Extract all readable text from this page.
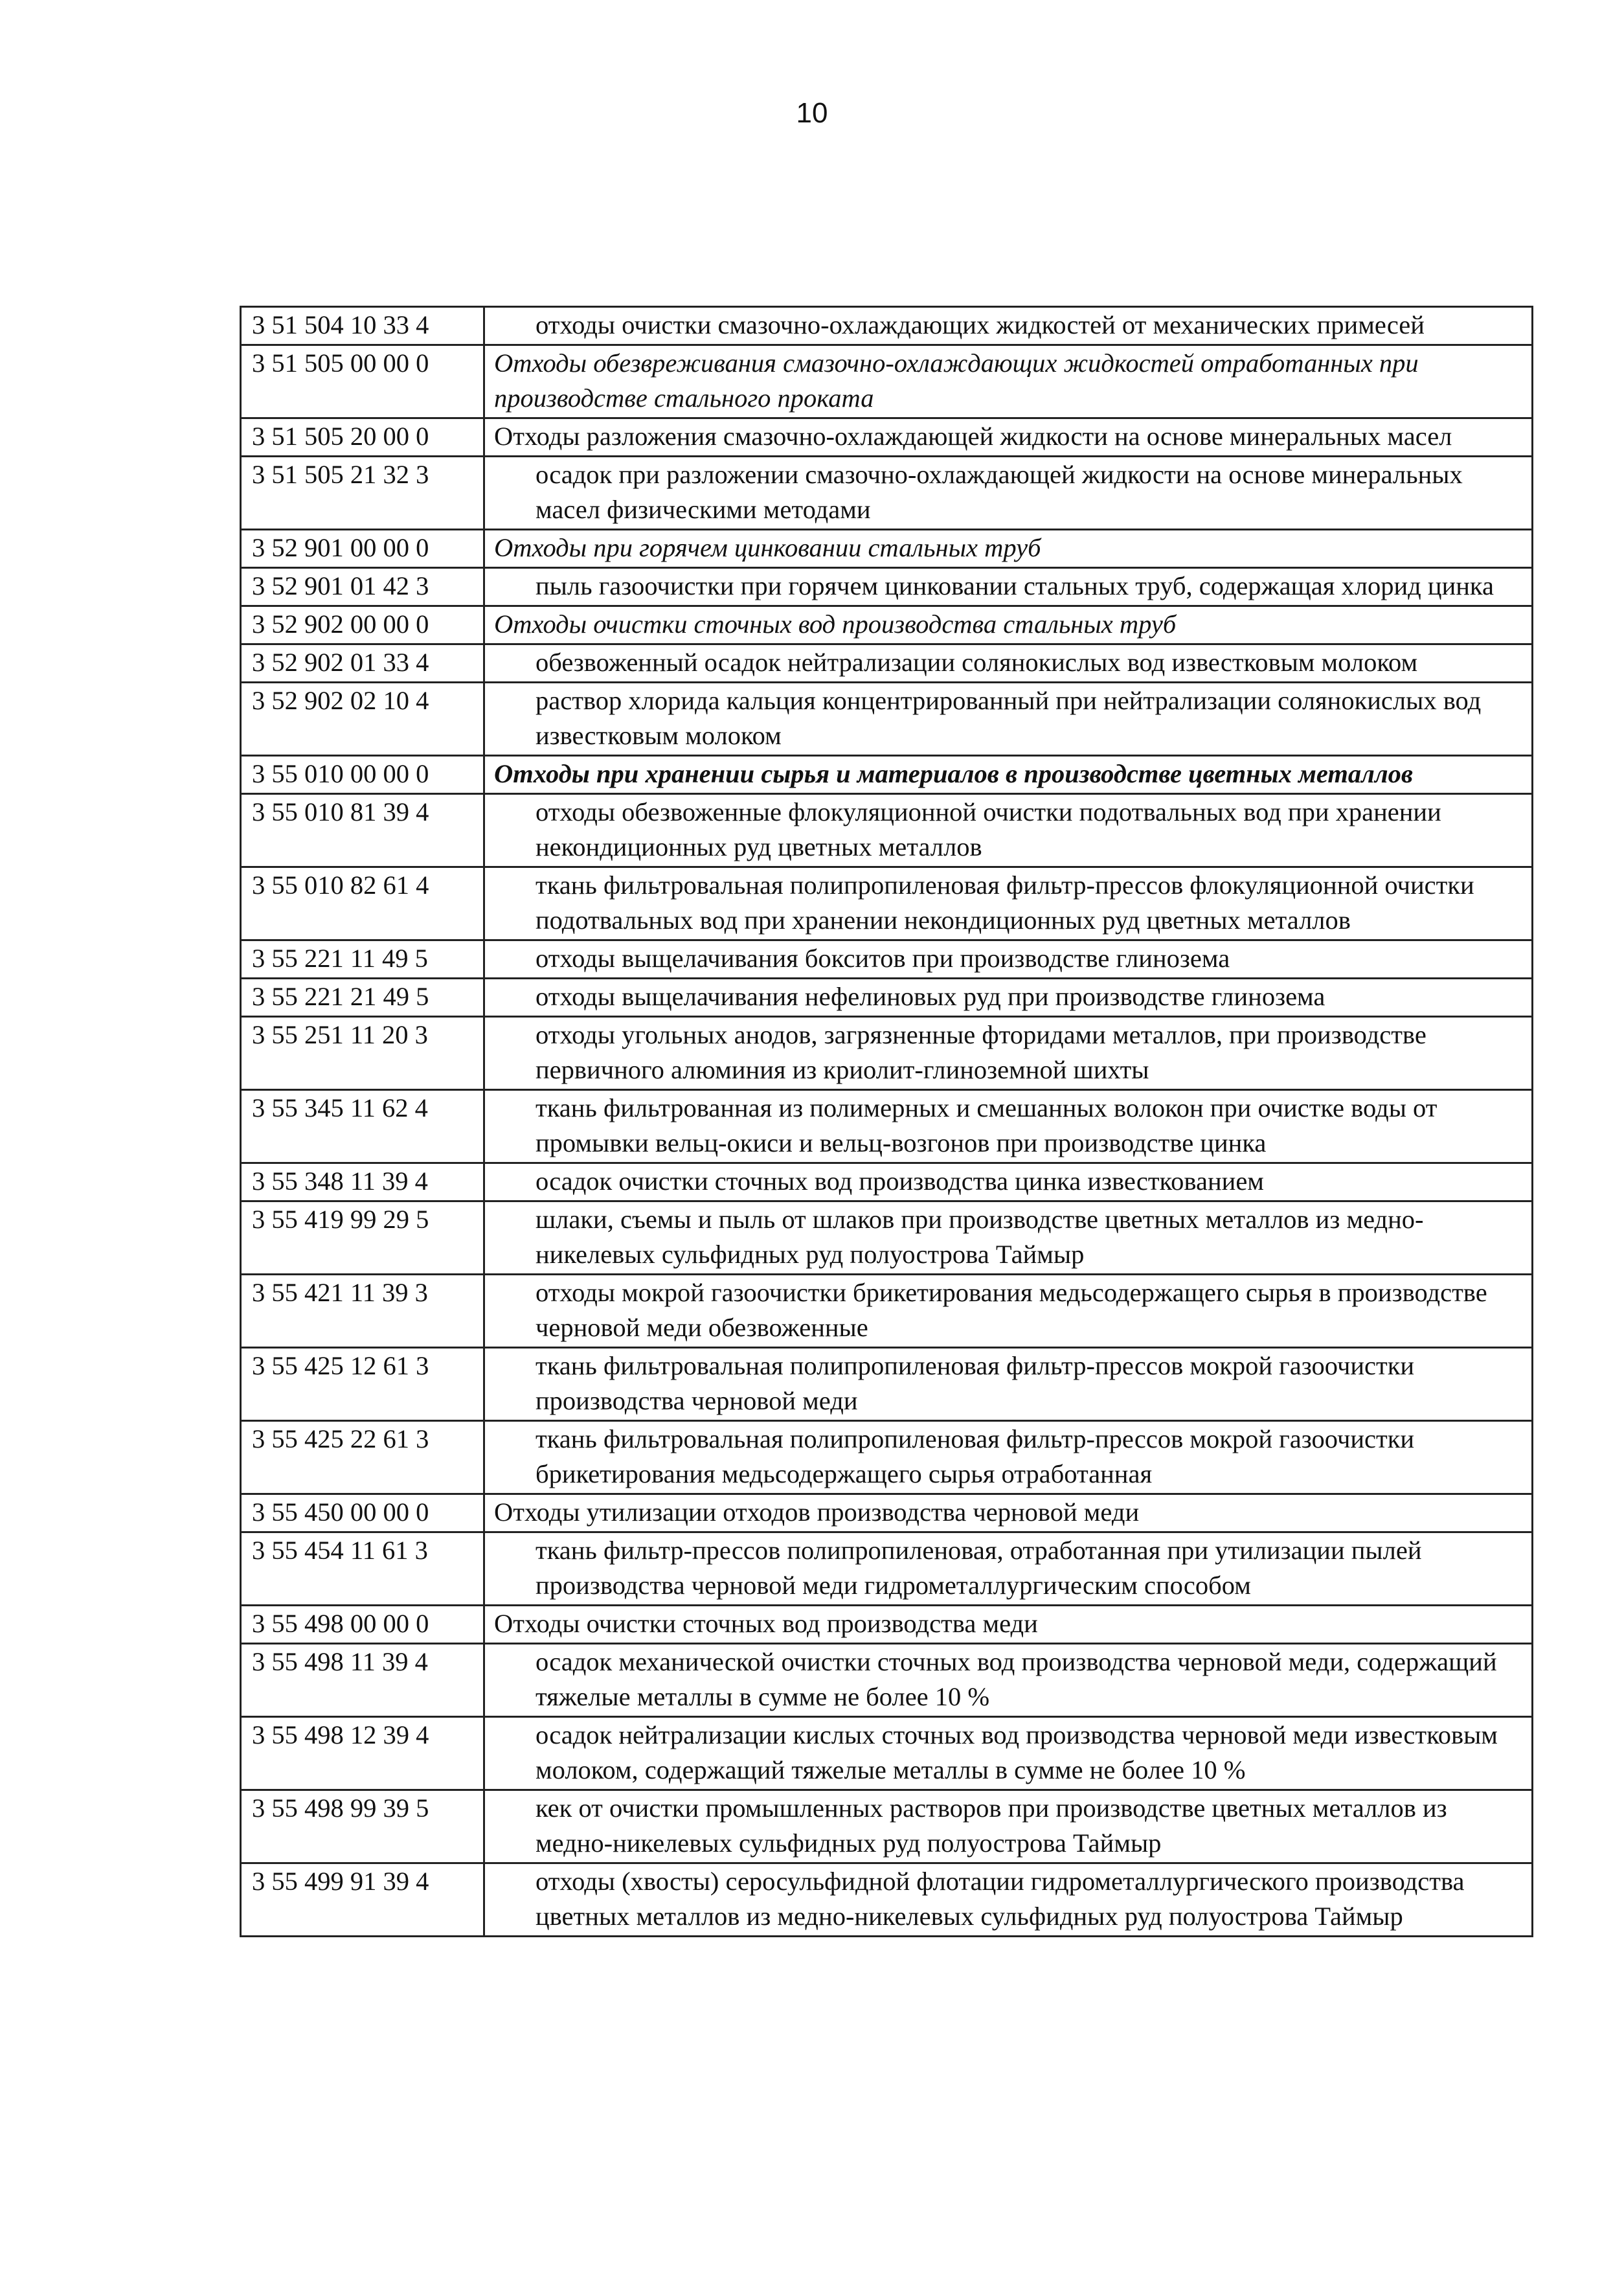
10
3 51 504 10 33 4	отходы очистки смазочно-охлаждающих жидкостей от механических примесей
3 51 505 00 00 0	Отходы обезвреживания смазочно-охлаждающих жидкостей отработанных при производстве стального проката
3 51 505 20 00 0	Отходы разложения смазочно-охлаждающей жидкости на основе минеральных масел
3 51 505 21 32 3	осадок при разложении смазочно-охлаждающей жидкости на основе минеральных масел физическими методами
3 52 901 00 00 0	Отходы при горячем цинковании стальных труб
3 52 901 01 42 3	пыль газоочистки при горячем цинковании стальных труб, содержащая хлорид цинка
3 52 902 00 00 0	Отходы очистки сточных вод производства стальных труб
3 52 902 01 33 4	обезвоженный осадок нейтрализации солянокислых вод известковым молоком
3 52 902 02 10 4	раствор хлорида кальция концентрированный при нейтрализации солянокислых вод известковым молоком
3 55 010 00 00 0	Отходы при хранении сырья и материалов в производстве цветных металлов
3 55 010 81 39 4	отходы обезвоженные флокуляционной очистки подотвальных вод при хранении некондиционных руд цветных металлов
3 55 010 82 61 4	ткань фильтровальная полипропиленовая фильтр-прессов флокуляционной очистки подотвальных вод при хранении некондиционных руд цветных металлов
3 55 221 11 49 5	отходы выщелачивания бокситов при производстве глинозема
3 55 221 21 49 5	отходы выщелачивания нефелиновых руд при производстве глинозема
3 55 251 11 20 3	отходы угольных анодов, загрязненные фторидами металлов, при производстве первичного алюминия из криолит-глиноземной шихты
3 55 345 11 62 4	ткань фильтрованная из полимерных и смешанных волокон при очистке воды от промывки вельц-окиси и вельц-возгонов при производстве цинка
3 55 348 11 39 4	осадок очистки сточных вод производства цинка известкованием
3 55 419 99 29 5	шлаки, съемы и пыль от шлаков при производстве цветных металлов из медно-никелевых сульфидных руд полуострова Таймыр
3 55 421 11 39 3	отходы мокрой газоочистки брикетирования медьсодержащего сырья в производстве черновой меди обезвоженные
3 55 425 12 61 3	ткань фильтровальная полипропиленовая фильтр-прессов мокрой газоочистки производства черновой меди
3 55 425 22 61 3	ткань фильтровальная полипропиленовая фильтр-прессов мокрой газоочистки брикетирования медьсодержащего сырья отработанная
3 55 450 00 00 0	Отходы утилизации отходов производства черновой меди
3 55 454 11 61 3	ткань фильтр-прессов полипропиленовая, отработанная при утилизации пылей производства черновой меди гидрометаллургическим способом
3 55 498 00 00 0	Отходы очистки сточных вод производства меди
3 55 498 11 39 4	осадок механической очистки сточных вод производства черновой меди, содержащий тяжелые металлы в сумме не более 10 %
3 55 498 12 39 4	осадок нейтрализации кислых сточных вод производства черновой меди известковым молоком, содержащий тяжелые металлы в сумме не более 10 %
3 55 498 99 39 5	кек от очистки промышленных растворов при производстве цветных металлов из медно-никелевых сульфидных руд полуострова Таймыр
3 55 499 91 39 4	отходы (хвосты) серосульфидной флотации гидрометаллургического производства цветных металлов из медно-никелевых сульфидных руд полуострова Таймыр
